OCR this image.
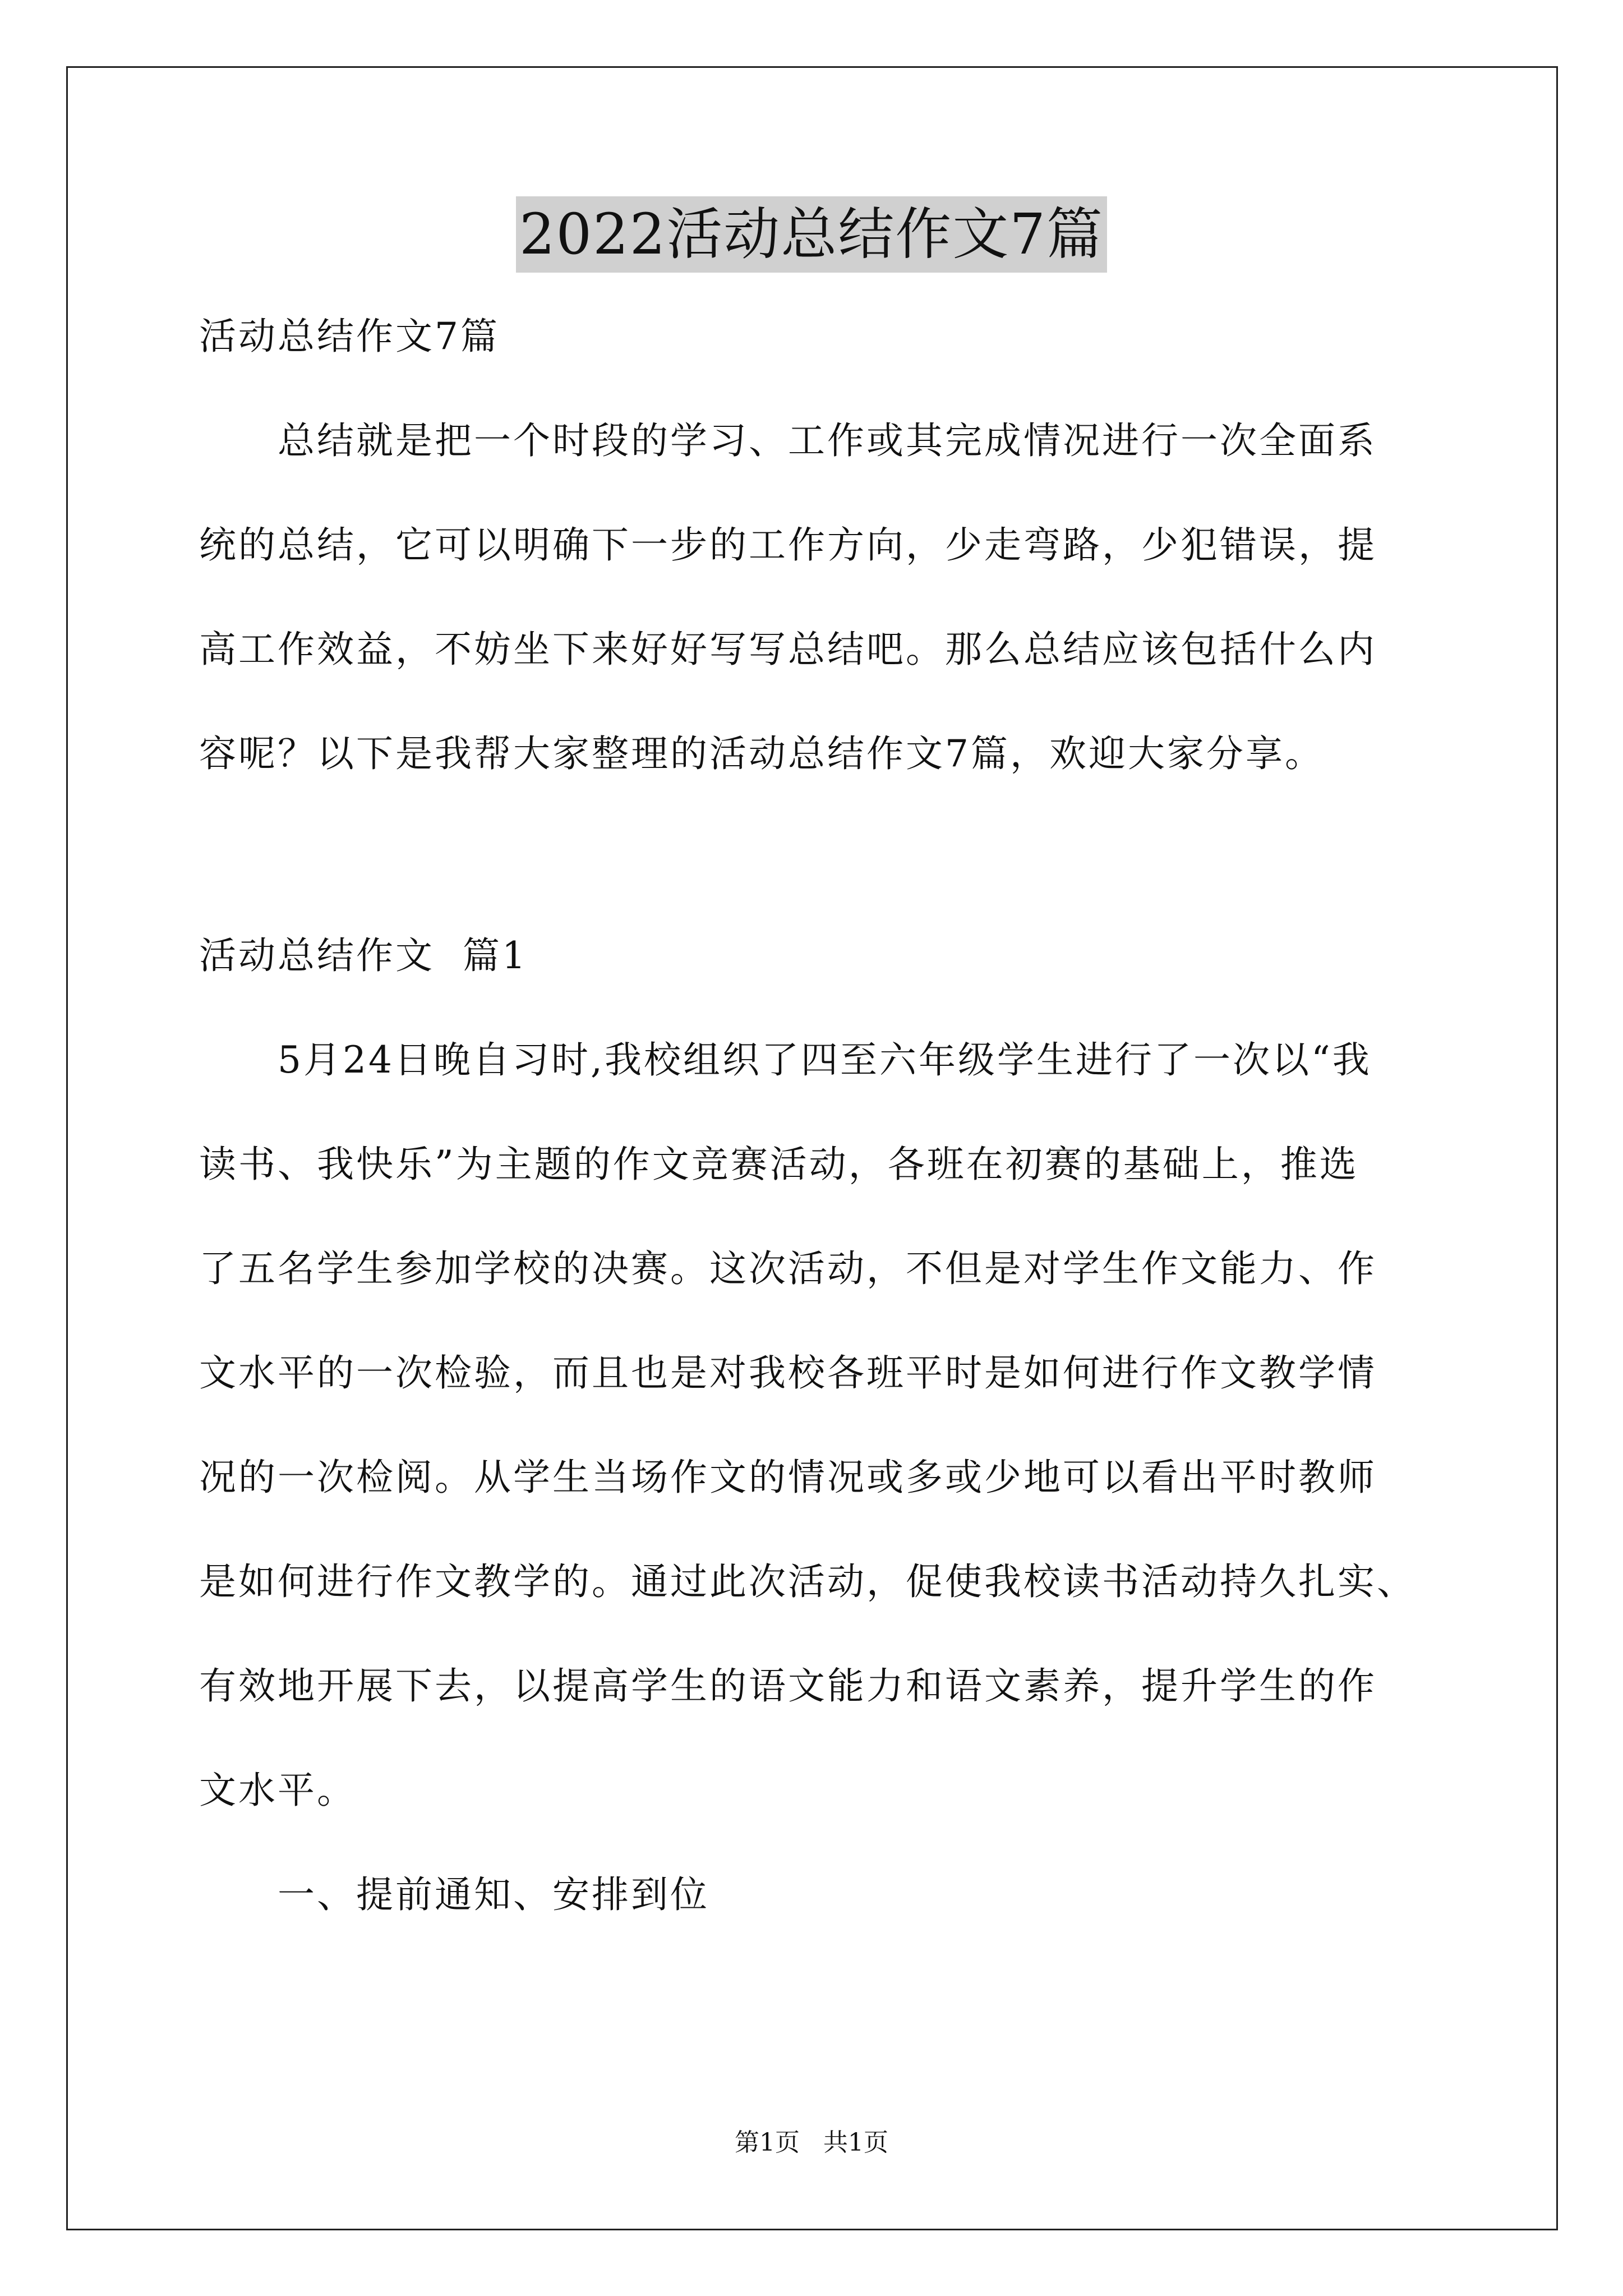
2022活动总结作文7篇
活动总结作文7篇
总结就是把一个时段的学习、工作或其完成情况进行一次全面系
统的总结，它可以明确下一步的工作方向，少走弯路，少犯错误，提
高工作效益，不妨坐下来好好写写总结吧。那么总结应该包括什么内
容呢？以下是我帮大家整理的活动总结作文7篇，欢迎大家分享。
活动总结作文  篇1
5月24日晚自习时,我校组织了四至六年级学生进行了一次以“我
读书、我快乐”为主题的作文竞赛活动，各班在初赛的基础上，推选
了五名学生参加学校的决赛。这次活动，不但是对学生作文能力、作
文水平的一次检验，而且也是对我校各班平时是如何进行作文教学情
况的一次检阅。从学生当场作文的情况或多或少地可以看出平时教师
是如何进行作文教学的。通过此次活动，促使我校读书活动持久扎实、
有效地开展下去，以提高学生的语文能力和语文素养，提升学生的作
文水平。
一、提前通知、安排到位
第1页 共1页
